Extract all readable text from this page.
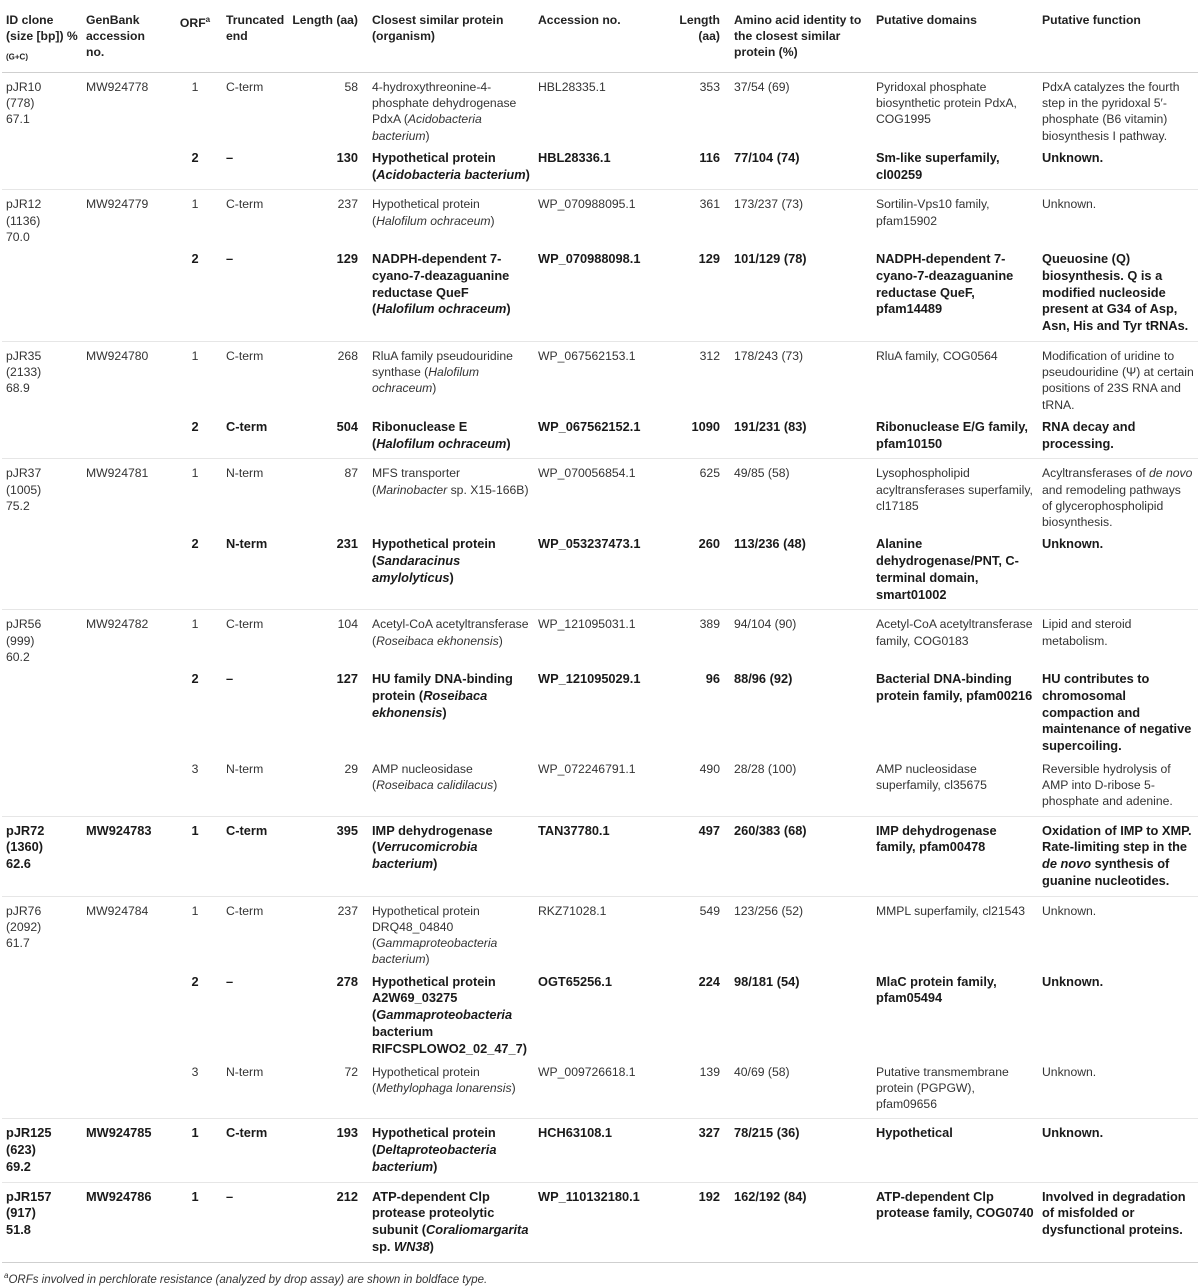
ID clone (size [bp]) $\%_{(G+C)}$	GenBank accession no.	ORF$^a$	Truncated end	Length (aa)	Closest similar protein (organism)	Accession no.	Length (aa)	Amino acid identity to the closest similar protein (%)	Putative domains	Putative function

pJR10
(778)
67.1	MW924778	1	C-term	58	4-hydroxythreonine-4-phosphate dehydrogenase PdxA (Acidobacteria bacterium)	HBL28335.1	353	37/54 (69)	Pyridoxal phosphate biosynthetic protein PdxA, COG1995	PdxA catalyzes the fourth step in the pyridoxal 5′-phosphate (B6 vitamin) biosynthesis I pathway.

		2	–	130	Hypothetical protein (Acidobacteria bacterium)	HBL28336.1	116	77/104 (74)	Sm-like superfamily, cl00259	Unknown.

pJR12
(1136)
70.0	MW924779	1	C-term	237	Hypothetical protein (Halofilum ochraceum)	WP_070988095.1	361	173/237 (73)	Sortilin-Vps10 family, pfam15902	Unknown.

		2	–	129	NADPH-dependent 7-cyano-7-deazaguanine reductase QueF (Halofilum ochraceum)	WP_070988098.1	129	101/129 (78)	NADPH-dependent 7-cyano-7-deazaguanine reductase QueF, pfam14489	Queuosine (Q) biosynthesis. Q is a modified nucleoside present at G34 of Asp, Asn, His and Tyr tRNAs.

pJR35
(2133)
68.9	MW924780	1	C-term	268	RluA family pseudouridine synthase (Halofilum ochraceum)	WP_067562153.1	312	178/243 (73)	RluA family, COG0564	Modification of uridine to pseudouridine (Ψ) at certain positions of 23S RNA and tRNA.

		2	C-term	504	Ribonuclease E (Halofilum ochraceum)	WP_067562152.1	1090	191/231 (83)	Ribonuclease E/G family, pfam10150	RNA decay and processing.

pJR37
(1005)
75.2	MW924781	1	N-term	87	MFS transporter (Marinobacter sp. X15-166B)	WP_070056854.1	625	49/85 (58)	Lysophospholipid acyltransferases superfamily, cl17185	Acyltransferases of de novo and remodeling pathways of glycerophospholipid biosynthesis.

		2	N-term	231	Hypothetical protein (Sandaracinus amylolyticus)	WP_053237473.1	260	113/236 (48)	Alanine dehydrogenase/PNT, C-terminal domain, smart01002	Unknown.

pJR56
(999)
60.2	MW924782	1	C-term	104	Acetyl-CoA acetyltransferase (Roseibaca ekhonensis)	WP_121095031.1	389	94/104 (90)	Acetyl-CoA acetyltransferase family, COG0183	Lipid and steroid metabolism.

		2	–	127	HU family DNA-binding protein (Roseibaca ekhonensis)	WP_121095029.1	96	88/96 (92)	Bacterial DNA-binding protein family, pfam00216	HU contributes to chromosomal compaction and maintenance of negative supercoiling.

		3	N-term	29	AMP nucleosidase (Roseibaca calidilacus)	WP_072246791.1	490	28/28 (100)	AMP nucleosidase superfamily, cl35675	Reversible hydrolysis of AMP into D-ribose 5-phosphate and adenine.

pJR72
(1360)
62.6	MW924783	1	C-term	395	IMP dehydrogenase (Verrucomicrobia bacterium)	TAN37780.1	497	260/383 (68)	IMP dehydrogenase family, pfam00478	Oxidation of IMP to XMP. Rate-limiting step in the de novo synthesis of guanine nucleotides.

pJR76
(2092)
61.7	MW924784	1	C-term	237	Hypothetical protein DRQ48_04840 (Gammaproteobacteria bacterium)	RKZ71028.1	549	123/256 (52)	MMPL superfamily, cl21543	Unknown.

		2	–	278	Hypothetical protein A2W69_03275 (Gammaproteobacteria bacterium RIFCSPLOWO2_02_47_7)	OGT65256.1	224	98/181 (54)	MlaC protein family, pfam05494	Unknown.

		3	N-term	72	Hypothetical protein (Methylophaga lonarensis)	WP_009726618.1	139	40/69 (58)	Putative transmembrane protein (PGPGW), pfam09656	Unknown.

pJR125
(623)
69.2	MW924785	1	C-term	193	Hypothetical protein (Deltaproteobacteria bacterium)	HCH63108.1	327	78/215 (36)	Hypothetical	Unknown.

pJR157
(917)
51.8	MW924786	1	–	212	ATP-dependent Clp protease proteolytic subunit (Coraliomargarita sp. WN38)	WP_110132180.1	192	162/192 (84)	ATP-dependent Clp protease family, COG0740	Involved in degradation of misfolded or dysfunctional proteins.
$^a$ORFs involved in perchlorate resistance (analyzed by drop assay) are shown in boldface type.
